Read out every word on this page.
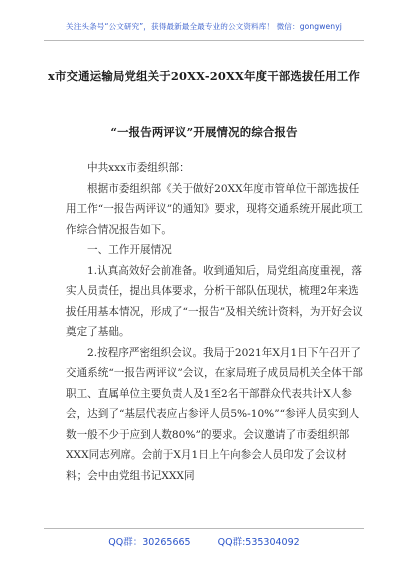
关注头条号“公文研究”，获得最新最全最专业的公文资料库！ 微信：gongwenyj
x市交通运输局党组关于20XX-20XX年度干部选拔任用工作
“一报告两评议”开展情况的综合报告

中共xxx市委组织部：

根据市委组织部《关于做好20XX年度市管单位干部选拔任用工作“一报告两评议”的通知》要求，现将交通系统开展此项工作综合情况报告如下。

一、工作开展情况

1.认真高效好会前准备。收到通知后，局党组高度重视，落实人员责任，提出具体要求，分析干部队伍现状，梳理2年来选拔任用基本情况，形成了“一报告”及相关统计资料，为开好会议奠定了基础。

2.按程序严密组织会议。我局于2021年X月1日下午召开了交通系统“一报告两评议”会议，在家局班子成员局机关全体干部职工、直属单位主要负责人及1至2名干部群众代表共计X人参会，达到了“基层代表应占参评人员5%-10%”“参评人员实到人数一般不少于应到人数80%”的要求。会议邀请了市委组织部XXX同志列席。会前于X月1日上午向参会人员印发了会议材料；会中由党组书记XXX同

QQ群：30265665	QQ群:535304092
